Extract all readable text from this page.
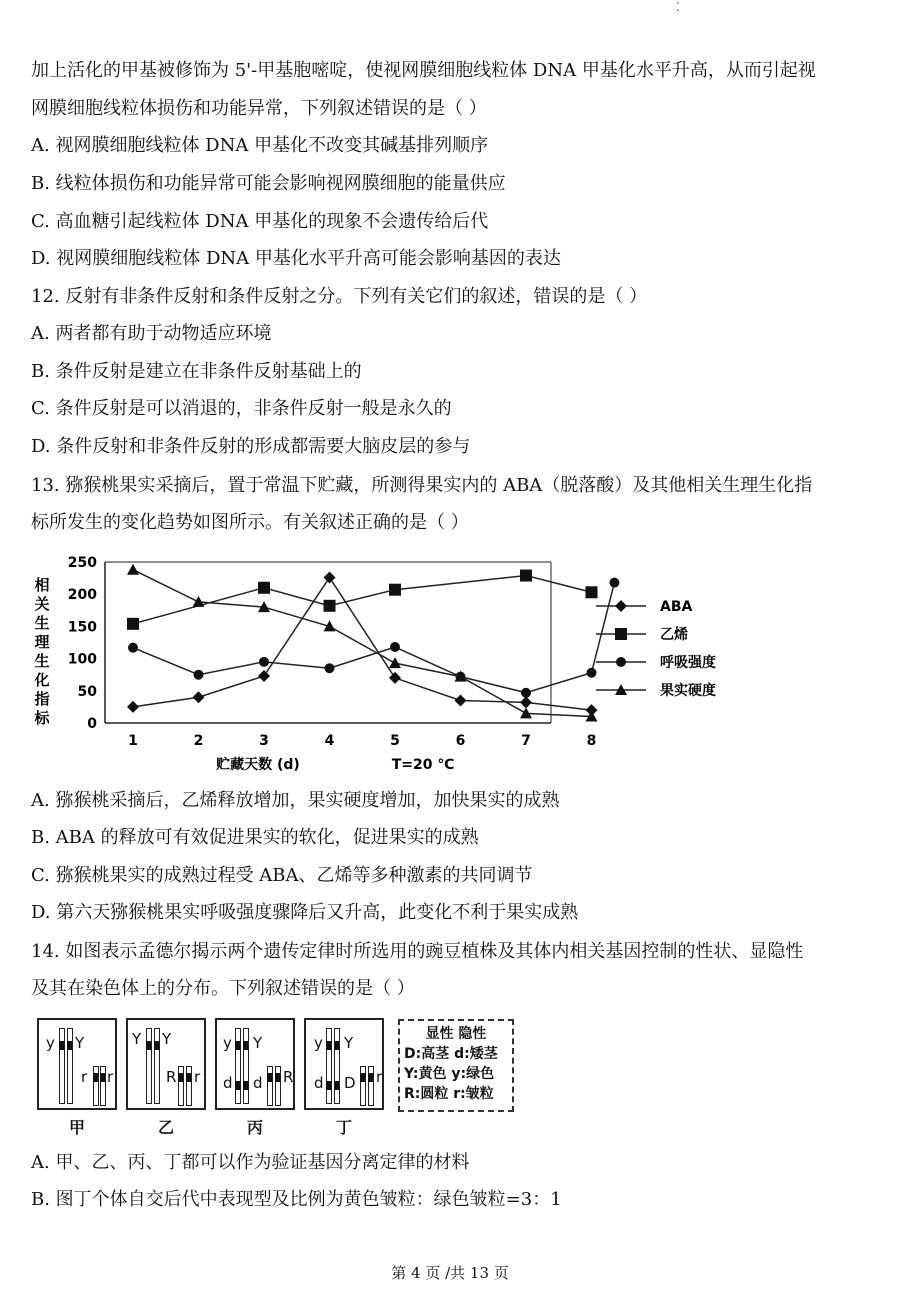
⁚
加上活化的甲基被修饰为 5'-甲基胞嘧啶，使视网膜细胞线粒体 DNA 甲基化水平升高，从而引起视
网膜细胞线粒体损伤和功能异常，下列叙述错误的是（ ）
A. 视网膜细胞线粒体 DNA 甲基化不改变其碱基排列顺序
B. 线粒体损伤和功能异常可能会影响视网膜细胞的能量供应
C. 高血糖引起线粒体 DNA 甲基化的现象不会遗传给后代
D. 视网膜细胞线粒体 DNA 甲基化水平升高可能会影响基因的表达
12. 反射有非条件反射和条件反射之分。下列有关它们的叙述，错误的是（ ）
A. 两者都有助于动物适应环境
B. 条件反射是建立在非条件反射基础上的
C. 条件反射是可以消退的，非条件反射一般是永久的
D. 条件反射和非条件反射的形成都需要大脑皮层的参与
13. 猕猴桃果实采摘后，置于常温下贮藏，所测得果实内的 ABA（脱落酸）及其他相关生理生化指
标所发生的变化趋势如图所示。有关叙述正确的是（ ）
0
50
100
150
200
250
1	2	3	4	5	6	7	8
相
关
生
理
生
化
指
标
贮藏天数 (d)	T=20 ℃
ABA
乙烯
呼吸强度
果实硬度
A. 猕猴桃采摘后，乙烯释放增加，果实硬度增加，加快果实的成熟
B. ABA 的释放可有效促进果实的软化，促进果实的成熟
C. 猕猴桃果实的成熟过程受 ABA、乙烯等多种激素的共同调节
D. 第六天猕猴桃果实呼吸强度骤降后又升高，此变化不利于果实成熟
14. 如图表示孟德尔揭示两个遗传定律时所选用的豌豆植株及其体内相关基因控制的性状、显隐性
及其在染色体上的分布。下列叙述错误的是（ ）
y Y
r r
甲
Y Y
R r
乙
y Y
d d R
丙
y Y
d D r
丁
显性 隐性
D:高茎 d:矮茎
Y:黄色 y:绿色
R:圆粒 r:皱粒
A. 甲、乙、丙、丁都可以作为验证基因分离定律的材料
B. 图丁个体自交后代中表现型及比例为黄色皱粒：绿色皱粒=3：1
第 4 页 /共 13 页
